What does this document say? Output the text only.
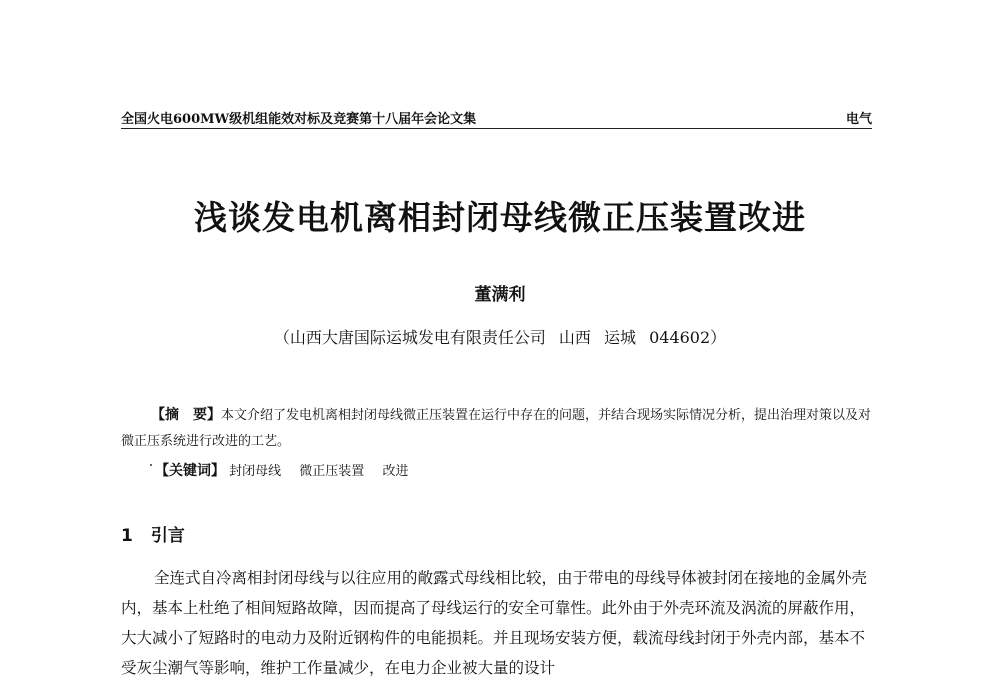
全国火电600MW级机组能效对标及竞赛第十八届年会论文集	电气
浅谈发电机离相封闭母线微正压装置改进
董满利
（山西大唐国际运城发电有限责任公司 山西 运城 044602）

【摘　要】本文介绍了发电机离相封闭母线微正压装置在运行中存在的问题，并结合现场实际情况分析，提出治理对策以及对微正压系统进行改进的工艺。

【关键词】 封闭母线 微正压装置 改进
1 引言

全连式自冷离相封闭母线与以往应用的敞露式母线相比较，由于带电的母线导体被封闭在接地的金属外壳内，基本上杜绝了相间短路故障，因而提高了母线运行的安全可靠性。此外由于外壳环流及涡流的屏蔽作用，大大减小了短路时的电动力及附近钢构件的电能损耗。并且现场安装方便，载流母线封闭于外壳内部，基本不受灰尘潮气等影响，维护工作量减少，在电力企业被大量的设计
